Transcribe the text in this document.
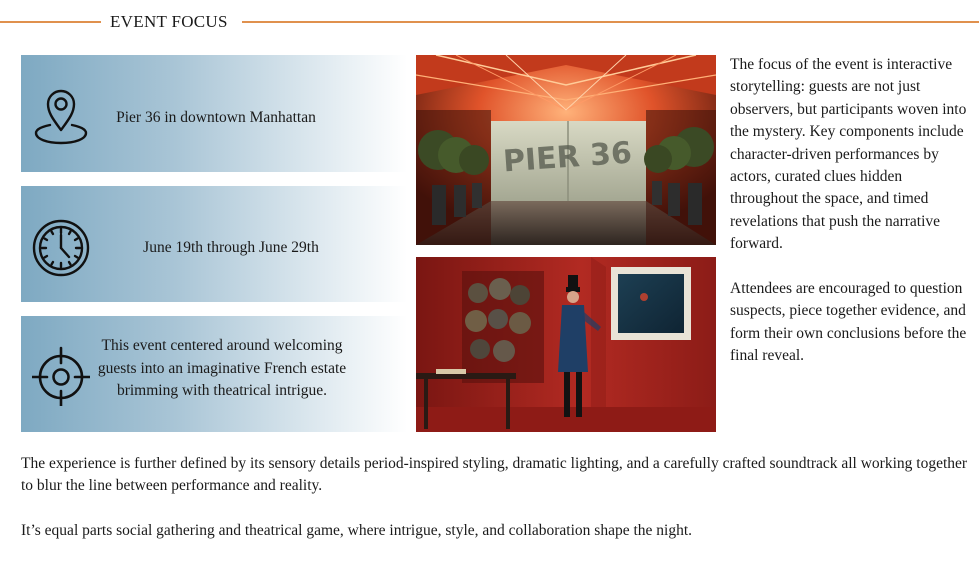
EVENT FOCUS
Pier 36 in downtown Manhattan
June 19th through June 29th
This event centered around welcoming guests into an imaginative French estate brimming with theatrical intrigue.
PIER 36

The focus of the event is interactive storytelling: guests are not just observers, but participants woven into the mystery. Key components include character-driven performances by actors, curated clues hidden throughout the space, and timed revelations that push the narrative forward.

Attendees are encouraged to question suspects, piece together evidence, and form their own conclusions before the final reveal.

The experience is further defined by its sensory details period-inspired styling, dramatic lighting, and a carefully crafted soundtrack all working together to blur the line between performance and reality.

It’s equal parts social gathering and theatrical game, where intrigue, style, and collaboration shape the night.
